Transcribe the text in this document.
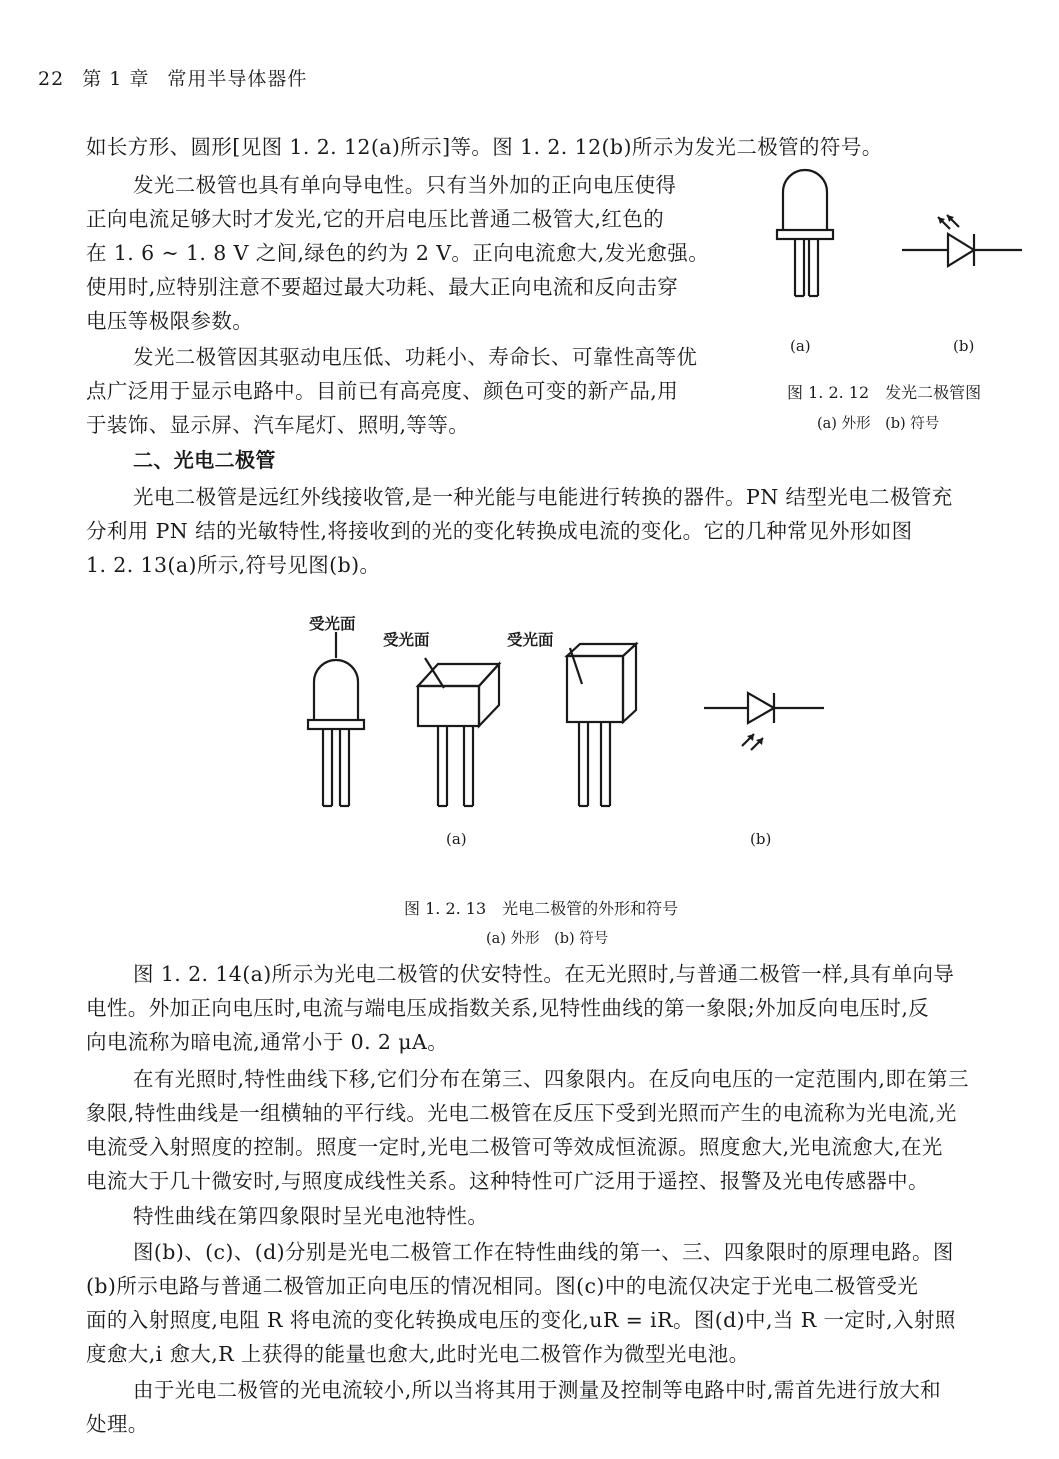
22 第 1 章 常用半导体器件
如长方形、圆形[见图 1. 2. 12(a)所示]等。图 1. 2. 12(b)所示为发光二极管的符号。
发光二极管也具有单向导电性。只有当外加的正向电压使得
正向电流足够大时才发光,它的开启电压比普通二极管大,红色的
在 1. 6 ~ 1. 8 V 之间,绿色的约为 2 V。正向电流愈大,发光愈强。
使用时,应特别注意不要超过最大功耗、最大正向电流和反向击穿
电压等极限参数。
发光二极管因其驱动电压低、功耗小、寿命长、可靠性高等优
点广泛用于显示电路中。目前已有高亮度、颜色可变的新产品,用
于装饰、显示屏、汽车尾灯、照明,等等。
(a)	(b)
图 1. 2. 12　发光二极管图
(a) 外形　(b) 符号
二、光电二极管
光电二极管是远红外线接收管,是一种光能与电能进行转换的器件。PN 结型光电二极管充
分利用 PN 结的光敏特性,将接收到的光的变化转换成电流的变化。它的几种常见外形如图
1. 2. 13(a)所示,符号见图(b)。
受光面
受光面	受光面
(a)	(b)
图 1. 2. 13　光电二极管的外形和符号
(a) 外形　(b) 符号
图 1. 2. 14(a)所示为光电二极管的伏安特性。在无光照时,与普通二极管一样,具有单向导
电性。外加正向电压时,电流与端电压成指数关系,见特性曲线的第一象限;外加反向电压时,反
向电流称为暗电流,通常小于 0. 2 μA。
在有光照时,特性曲线下移,它们分布在第三、四象限内。在反向电压的一定范围内,即在第三
象限,特性曲线是一组横轴的平行线。光电二极管在反压下受到光照而产生的电流称为光电流,光
电流受入射照度的控制。照度一定时,光电二极管可等效成恒流源。照度愈大,光电流愈大,在光
电流大于几十微安时,与照度成线性关系。这种特性可广泛用于遥控、报警及光电传感器中。
特性曲线在第四象限时呈光电池特性。
图(b)、(c)、(d)分别是光电二极管工作在特性曲线的第一、三、四象限时的原理电路。图
(b)所示电路与普通二极管加正向电压的情况相同。图(c)中的电流仅决定于光电二极管受光
面的入射照度,电阻 R 将电流的变化转换成电压的变化,uR = iR。图(d)中,当 R 一定时,入射照
度愈大,i 愈大,R 上获得的能量也愈大,此时光电二极管作为微型光电池。
由于光电二极管的光电流较小,所以当将其用于测量及控制等电路中时,需首先进行放大和
处理。
